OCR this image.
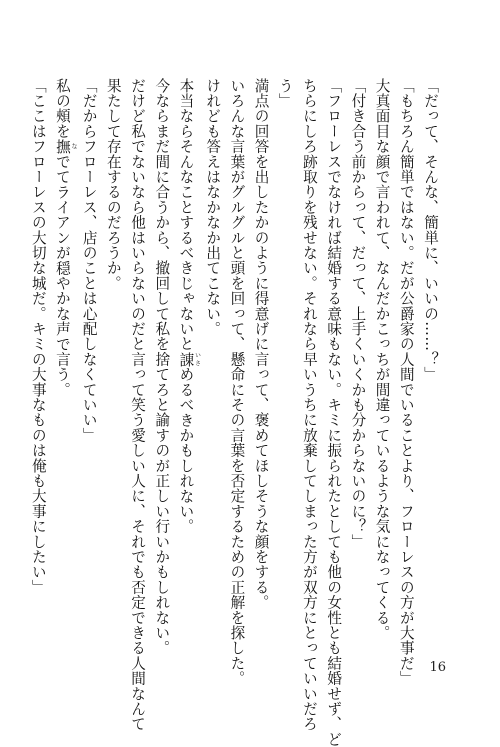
「だって、そんな、簡単に、いいの……？」

「もちろん簡単ではない。だが公爵家の人間でいることより、フローレスの方が大事だ」

大真面目な顔で言われて、なんだかこっちが間違っているような気になってくる。

「付き合う前からって、だって、上手くいくかも分からないのに？」

「フローレスでなければ結婚する意味もない。キミに振られたとしても他の女性とも結婚せず、ど

ちらにしろ跡取りを残せない。それなら早いうちに放棄してしまった方が双方にとっていいだろ

う」

満点の回答を出したかのように得意げに言って、褒めてほしそうな顔をする。

いろんな言葉がグルグルと頭を回って、懸命にその言葉を否定するための正解を探した。

けれども答えはなかなか出てこない。

本当ならそんなことするべきじゃないと諌 いさめるべきかもしれない。

今ならまだ間に合うから、撤回して私を捨てろと諭すのが正しい行いかもしれない。

だけど私でないなら他はいらないのだと言って笑う愛しい人に、それでも否定できる人間なんて

果たして存在するのだろうか。

「だからフローレス、店のことは心配しなくていい」

私の頰を撫 なでてライアンが穏やかな声で言う。

「ここはフローレスの大切な城だ。キミの大事なものは俺も大事にしたい」

16
